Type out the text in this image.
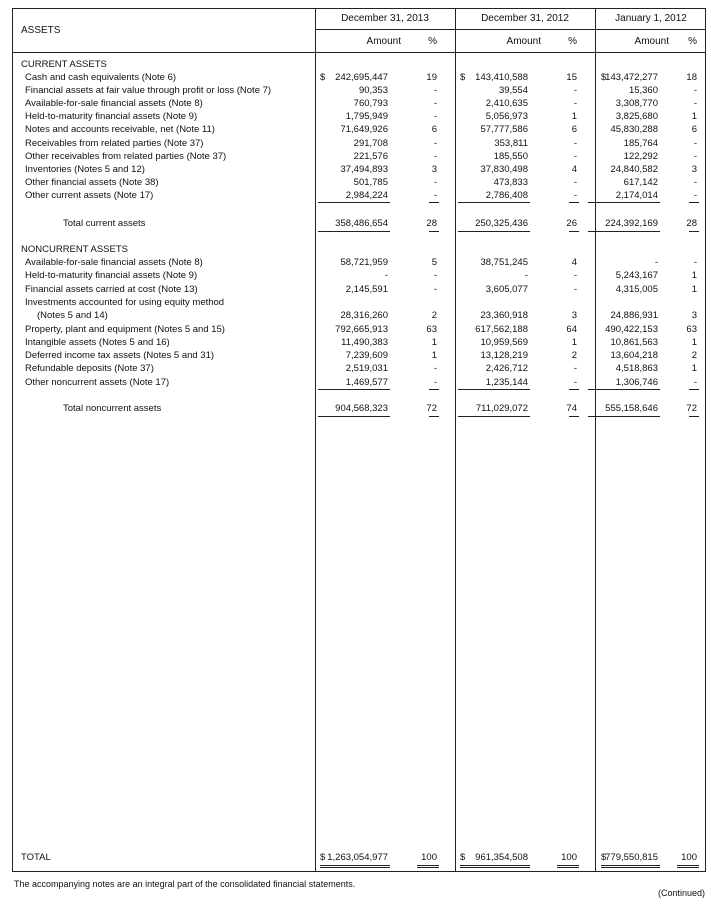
ASSETS
December 31, 2013	December 31, 2012	January 1, 2012
Amount	%	Amount	%	Amount %
CURRENT ASSETS
Cash and cash equivalents (Note 6)	242,695,447	19	143,410,588	15	143,472,277	18
$	$	$
Financial assets at fair value through profit or loss (Note 7)	90,353	-	39,554	-	15,360	-
Available-for-sale financial assets (Note 8)	760,793	-	2,410,635	-	3,308,770	-
Held-to-maturity financial assets (Note 9)	1,795,949	-	5,056,973	1	3,825,680	1
Notes and accounts receivable, net (Note 11)	71,649,926	6	57,777,586	6	45,830,288	6
Receivables from related parties (Note 37)	291,708	-	353,811	-	185,764	-
Other receivables from related parties (Note 37)	221,576	-	185,550	-	122,292	-
Inventories (Notes 5 and 12)	37,494,893	3	37,830,498	4	24,840,582	3
Other financial assets (Note 38)	501,785	-	473,833	-	617,142	-
Other current assets (Note 17)	2,984,224	-	2,786,408	-	2,174,014	-
Total current assets	358,486,654	28	250,325,436	26	224,392,169	28
NONCURRENT ASSETS
Available-for-sale financial assets (Note 8)	58,721,959	5	38,751,245	4	-	-
Held-to-maturity financial assets (Note 9)	-	-	-	-	5,243,167	1
Financial assets carried at cost (Note 13)	2,145,591	-	3,605,077	-	4,315,005	1
Investments accounted for using equity method
(Notes 5 and 14)	28,316,260	2	23,360,918	3	24,886,931	3
Property, plant and equipment (Notes 5 and 15)	792,665,913	63	617,562,188	64	490,422,153	63
Intangible assets (Notes 5 and 16)	11,490,383	1	10,959,569	1	10,861,563	1
Deferred income tax assets (Notes 5 and 31)	7,239,609	1	13,128,219	2	13,604,218	2
Refundable deposits (Note 37)	2,519,031	-	2,426,712	-	4,518,863	1
Other noncurrent assets (Note 17)	1,469,577	-	1,235,144	-	1,306,746	-
Total noncurrent assets	904,568,323	72	711,029,072	74	555,158,646	72
TOTAL	1,263,054,977	100	961,354,508	100	779,550,815 100
$	$	$
The accompanying notes are an integral part of the consolidated financial statements.
(Continued)
